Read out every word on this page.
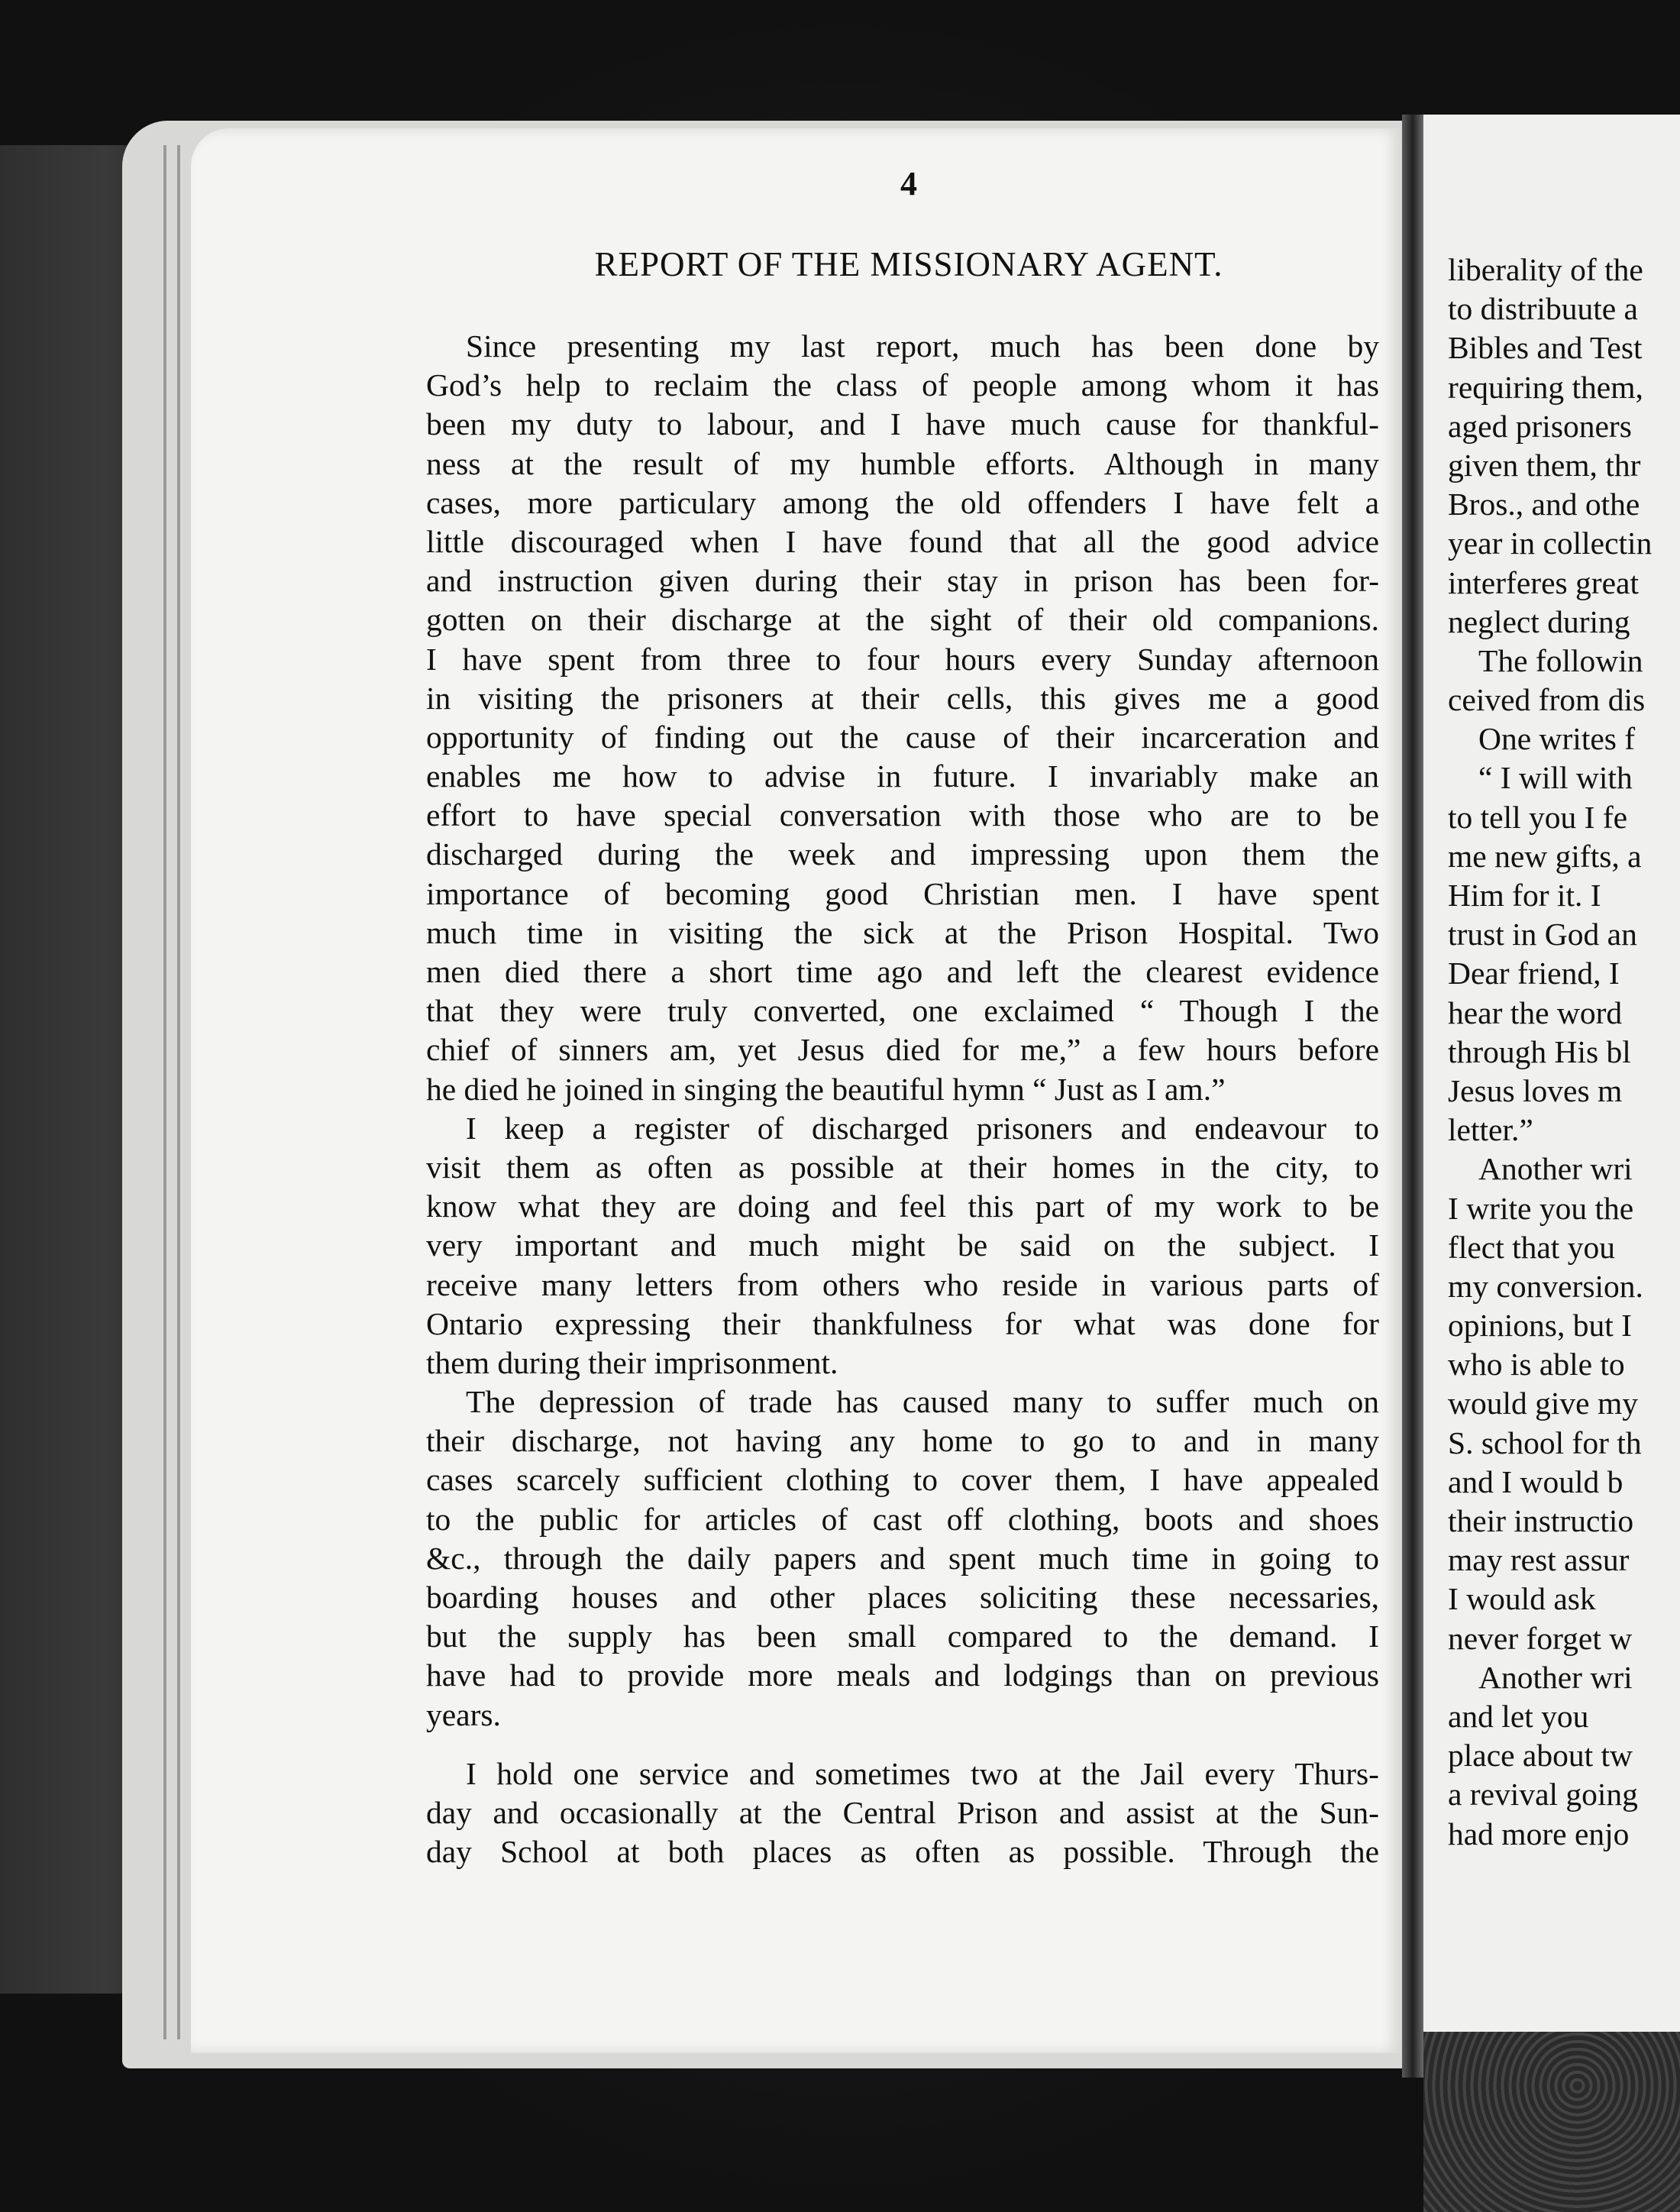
4
REPORT OF THE MISSIONARY AGENT.
Since presenting my last report, much has been done by
God’s help to reclaim the class of people among whom it has
been my duty to labour, and I have much cause for thankful-
ness at the result of my humble efforts. Although in many
cases, more particulary among the old offenders I have felt a
little discouraged when I have found that all the good advice
and instruction given during their stay in prison has been for-
gotten on their discharge at the sight of their old companions.
I have spent from three to four hours every Sunday afternoon
in visiting the prisoners at their cells, this gives me a good
opportunity of finding out the cause of their incarceration and
enables me how to advise in future. I invariably make an
effort to have special conversation with those who are to be
discharged during the week and impressing upon them the
importance of becoming good Christian men. I have spent
much time in visiting the sick at the Prison Hospital. Two
men died there a short time ago and left the clearest evidence
that they were truly converted, one exclaimed “ Though I the
chief of sinners am, yet Jesus died for me,” a few hours before
he died he joined in singing the beautiful hymn “ Just as I am.”
I keep a register of discharged prisoners and endeavour to
visit them as often as possible at their homes in the city, to
know what they are doing and feel this part of my work to be
very important and much might be said on the subject. I
receive many letters from others who reside in various parts of
Ontario expressing their thankfulness for what was done for
them during their imprisonment.
The depression of trade has caused many to suffer much on
their discharge, not having any home to go to and in many
cases scarcely sufficient clothing to cover them, I have appealed
to the public for articles of cast off clothing, boots and shoes
&c., through the daily papers and spent much time in going to
boarding houses and other places soliciting these necessaries,
but the supply has been small compared to the demand. I
have had to provide more meals and lodgings than on previous
years.
I hold one service and sometimes two at the Jail every Thurs-
day and occasionally at the Central Prison and assist at the Sun-
day School at both places as often as possible. Through the
liberality of the
to distribuute a
Bibles and Test
requiring them,
aged prisoners
given them, thr
Bros., and othe
year in collectin
interferes great
neglect during
The followin
ceived from dis
One writes f
“ I will with
to tell you I fe
me new gifts, a
Him for it. I
trust in God an
Dear friend, I
hear the word
through His bl
Jesus loves m
letter.”
Another wri
I write you the
flect that you
my conversion.
opinions, but I
who is able to
would give my
S. school for th
and I would b
their instructio
may rest assur
I would ask
never forget w
Another wri
and let you
place about tw
a revival going
had more enjo
